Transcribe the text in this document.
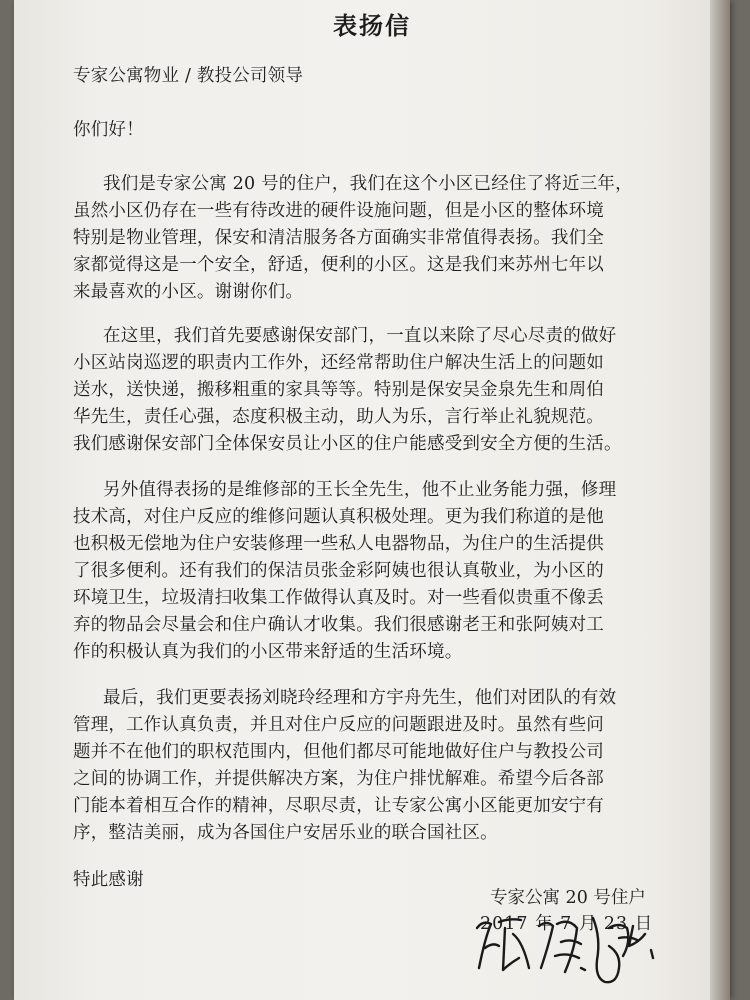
表扬信

专家公寓物业 / 教投公司领导

你们好！

我们是专家公寓 20 号的住户，我们在这个小区已经住了将近三年，

虽然小区仍存在一些有待改进的硬件设施问题，但是小区的整体环境

特别是物业管理，保安和清洁服务各方面确实非常值得表扬。我们全

家都觉得这是一个安全，舒适，便利的小区。这是我们来苏州七年以

来最喜欢的小区。谢谢你们。

在这里，我们首先要感谢保安部门，一直以来除了尽心尽责的做好

小区站岗巡逻的职责内工作外，还经常帮助住户解决生活上的问题如

送水，送快递，搬移粗重的家具等等。特别是保安吴金泉先生和周伯

华先生，责任心强，态度积极主动，助人为乐，言行举止礼貌规范。

我们感谢保安部门全体保安员让小区的住户能感受到安全方便的生活。

另外值得表扬的是维修部的王长全先生，他不止业务能力强，修理

技术高，对住户反应的维修问题认真积极处理。更为我们称道的是他

也积极无偿地为住户安装修理一些私人电器物品，为住户的生活提供

了很多便利。还有我们的保洁员张金彩阿姨也很认真敬业，为小区的

环境卫生，垃圾清扫收集工作做得认真及时。对一些看似贵重不像丢

弃的物品会尽量会和住户确认才收集。我们很感谢老王和张阿姨对工

作的积极认真为我们的小区带来舒适的生活环境。

最后，我们更要表扬刘晓玲经理和方宇舟先生，他们对团队的有效

管理，工作认真负责，并且对住户反应的问题跟进及时。虽然有些问

题并不在他们的职权范围内，但他们都尽可能地做好住户与教投公司

之间的协调工作，并提供解决方案，为住户排忧解难。希望今后各部

门能本着相互合作的精神，尽职尽责，让专家公寓小区能更加安宁有

序，整洁美丽，成为各国住户安居乐业的联合国社区。

特此感谢

专家公寓 20 号住户
2017 年 7 月 23 日
